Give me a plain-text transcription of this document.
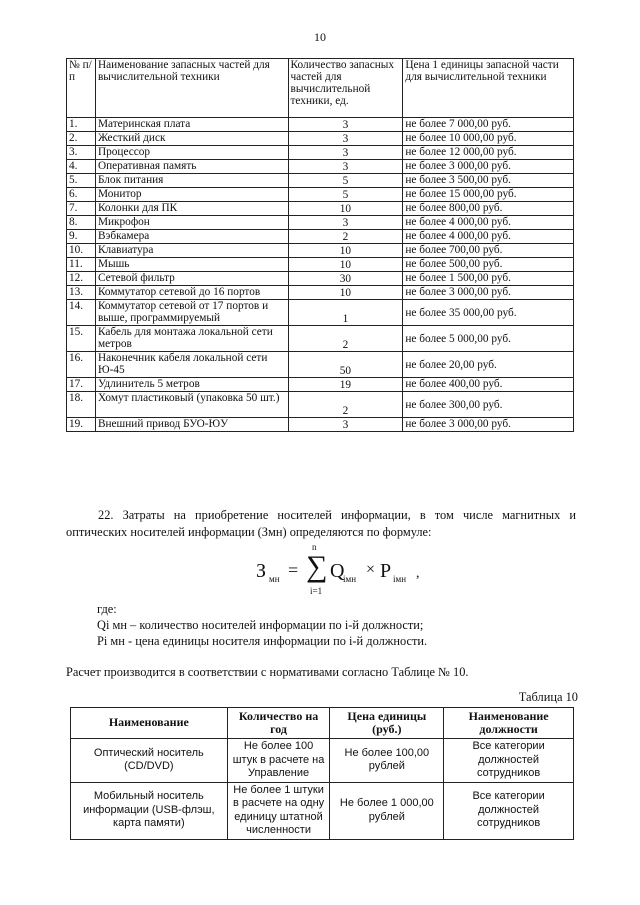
10
№ п/п	Наименование запасных частей для вычислительной техники	Количество запасных частей для вычислительной техники, ед.	Цена 1 единицы запасной части для вычислительной техники
1.	Материнская плата	3	не более 7 000,00 руб.
2.	Жесткий диск	3	не более 10 000,00 руб.
3.	Процессор	3	не более 12 000,00 руб.
4.	Оперативная память	3	не более 3 000,00 руб.
5.	Блок питания	5	не более 3 500,00 руб.
6.	Монитор	5	не более 15 000,00 руб.
7.	Колонки для ПК	10	не более 800,00 руб.
8.	Микрофон	3	не более 4 000,00 руб.
9.	Вэбкамера	2	не более 4 000,00 руб.
10.	Клавиатура	10	не более 700,00 руб.
11.	Мышь	10	не более 500,00 руб.
12.	Сетевой фильтр	30	не более 1 500,00 руб.
13.	Коммутатор сетевой до 16 портов	10	не более 3 000,00 руб.
14.	Коммутатор сетевой от 17 портов и выше, программируемый	1	не более 35 000,00 руб.
15.	Кабель для монтажа локальной сети метров	2	не более 5 000,00 руб.
16.	Наконечник кабеля локальной сети Ю-45	50	не более 20,00 руб.
17.	Удлинитель 5 метров	19	не более 400,00 руб.
18.	Хомут пластиковый (упаковка 50 шт.)	2	не более 300,00 руб.
19.	Внешний привод БУО-ЮУ	3	не более 3 000,00 руб.
22. Затраты на приобретение носителей информации, в том числе магнитных и оптических носителей информации (Змн) определяются по формуле:
З мн =
n
∑
i=1
Q
iмн
× P iмн ,
где:
Qi мн – количество носителей информации по i-й должности;
Pi мн - цена единицы носителя информации по i-й должности.
Расчет производится в соответствии с нормативами согласно Таблице № 10.
Таблица 10
Наименование	Количество на год	Цена единицы (руб.)	Наименование должности
Оптический носитель (CD/DVD)	Не более 100 штук в расчете на Управление	Не более 100,00 рублей	Все категории должностей сотрудников
Мобильный носитель информации (USB-флэш, карта памяти)	Не более 1 штуки в расчете на одну единицу штатной численности	Не более 1 000,00 рублей	Все категории должностей сотрудников
